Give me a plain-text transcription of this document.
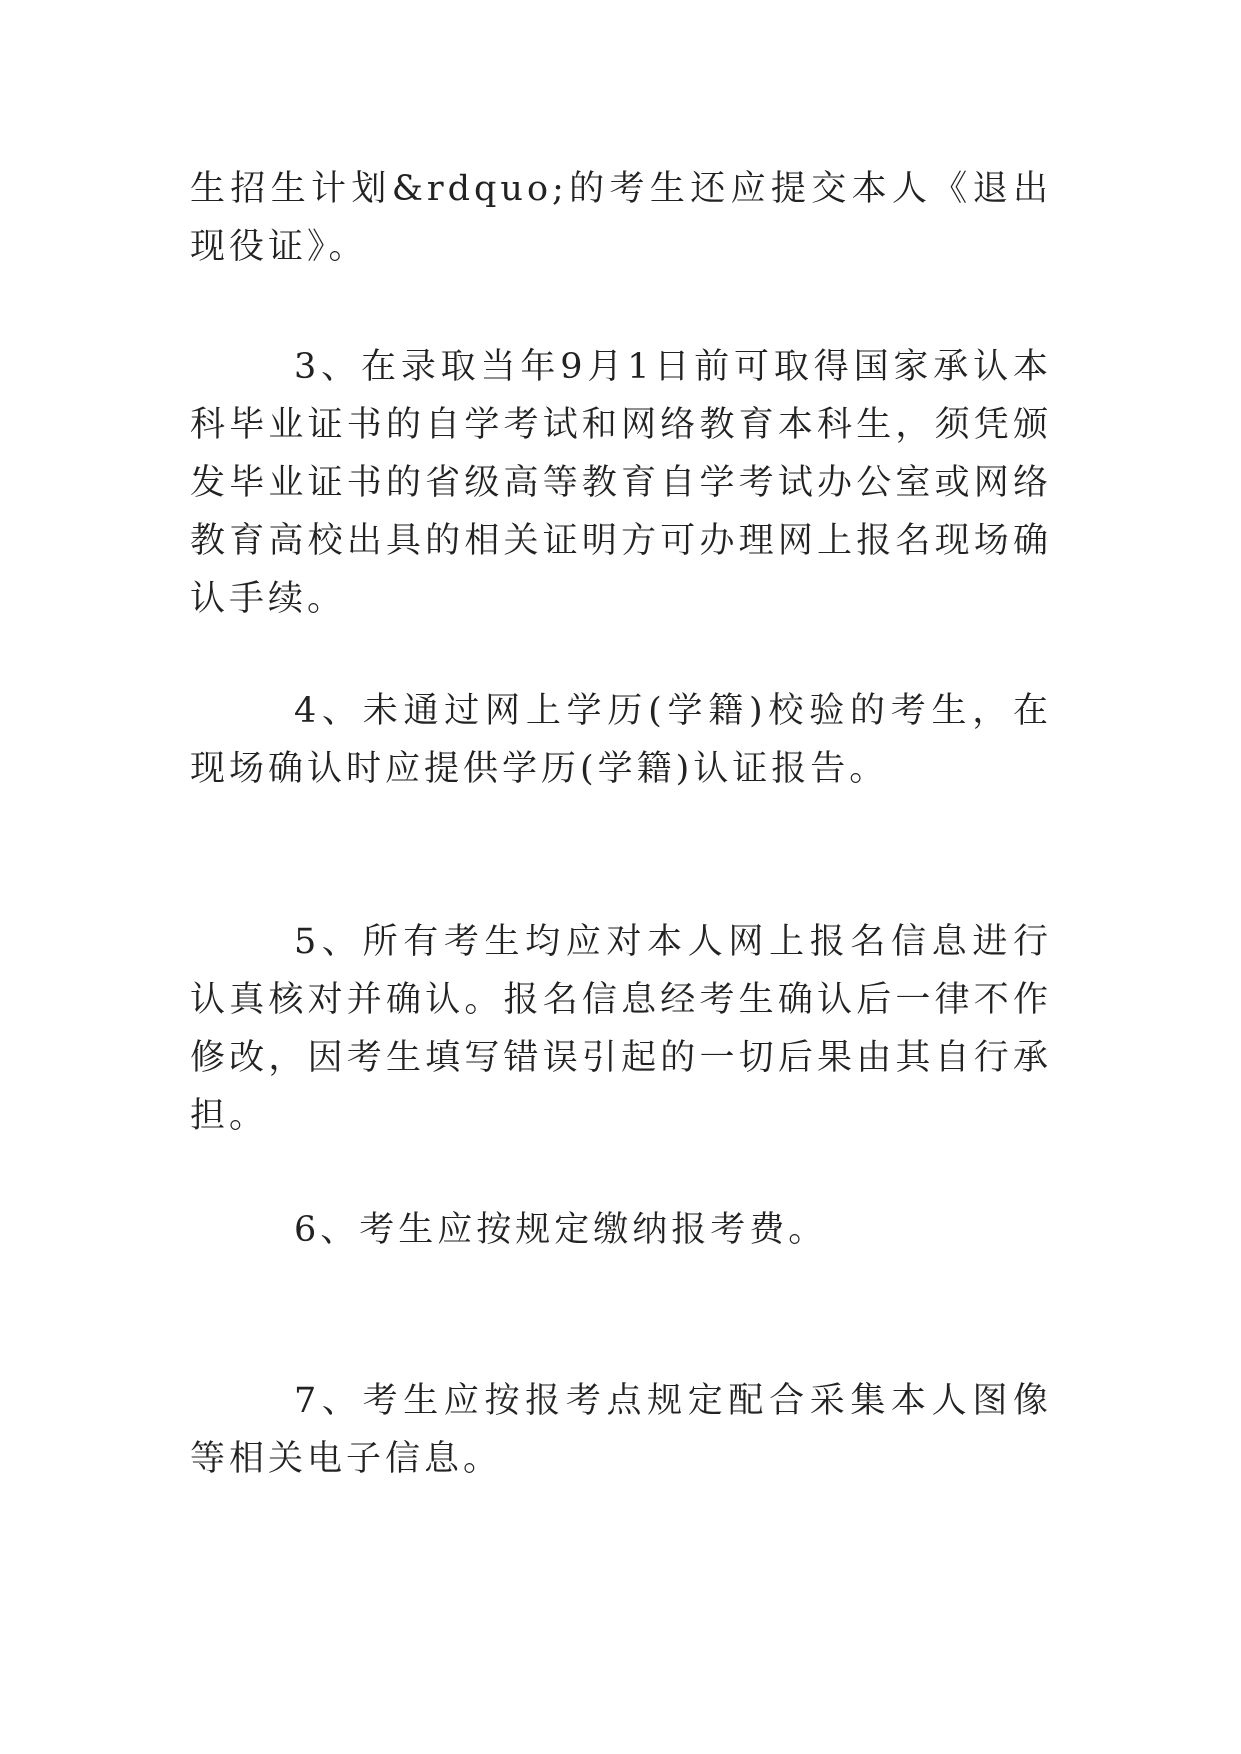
生招生计划&rdquo;的考生还应提交本人《退出现役证》。

3、在录取当年9月1日前可取得国家承认本科毕业证书的自学考试和网络教育本科生，须凭颁发毕业证书的省级高等教育自学考试办公室或网络教育高校出具的相关证明方可办理网上报名现场确认手续。

4、未通过网上学历(学籍)校验的考生，在现场确认时应提供学历(学籍)认证报告。

5、所有考生均应对本人网上报名信息进行认真核对并确认。报名信息经考生确认后一律不作修改，因考生填写错误引起的一切后果由其自行承担。

6、考生应按规定缴纳报考费。

7、考生应按报考点规定配合采集本人图像等相关电子信息。
